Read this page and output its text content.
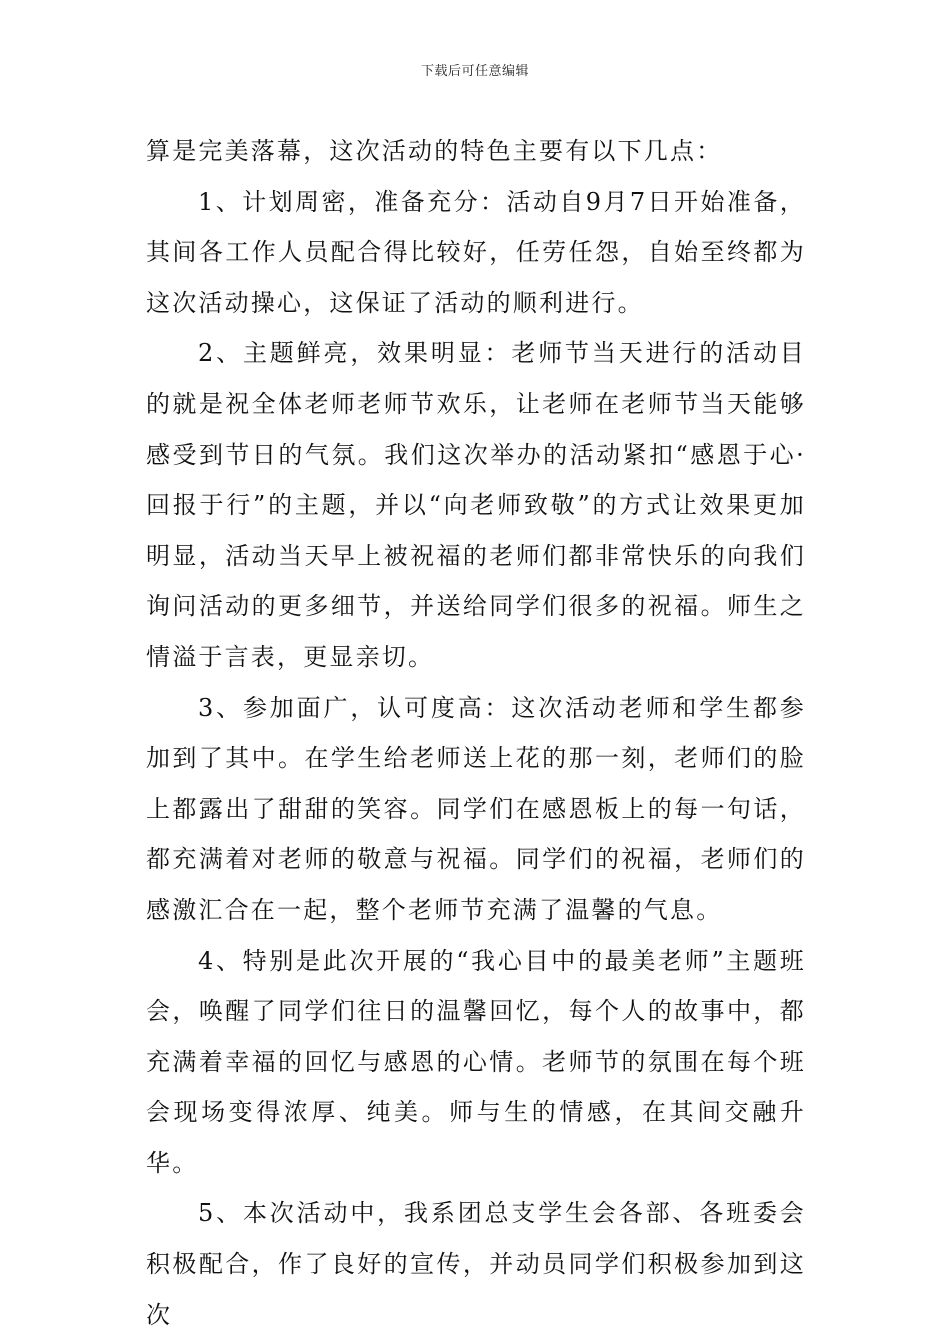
下载后可任意编辑

算是完美落幕，这次活动的特色主要有以下几点：

1、计划周密，准备充分：活动自9月7日开始准备，其间各工作人员配合得比较好，任劳任怨，自始至终都为这次活动操心，这保证了活动的顺利进行。

2、主题鲜亮，效果明显：老师节当天进行的活动目的就是祝全体老师老师节欢乐，让老师在老师节当天能够感受到节日的气氛。我们这次举办的活动紧扣“感恩于心·回报于行”的主题，并以“向老师致敬”的方式让效果更加明显，活动当天早上被祝福的老师们都非常快乐的向我们询问活动的更多细节，并送给同学们很多的祝福。师生之情溢于言表，更显亲切。

3、参加面广，认可度高：这次活动老师和学生都参加到了其中。在学生给老师送上花的那一刻，老师们的脸上都露出了甜甜的笑容。同学们在感恩板上的每一句话，都充满着对老师的敬意与祝福。同学们的祝福，老师们的感激汇合在一起，整个老师节充满了温馨的气息。

4、特别是此次开展的“我心目中的最美老师”主题班会，唤醒了同学们往日的温馨回忆，每个人的故事中，都充满着幸福的回忆与感恩的心情。老师节的氛围在每个班会现场变得浓厚、纯美。师与生的情感，在其间交融升华。

5、本次活动中，我系团总支学生会各部、各班委会积极配合，作了良好的宣传，并动员同学们积极参加到这次
